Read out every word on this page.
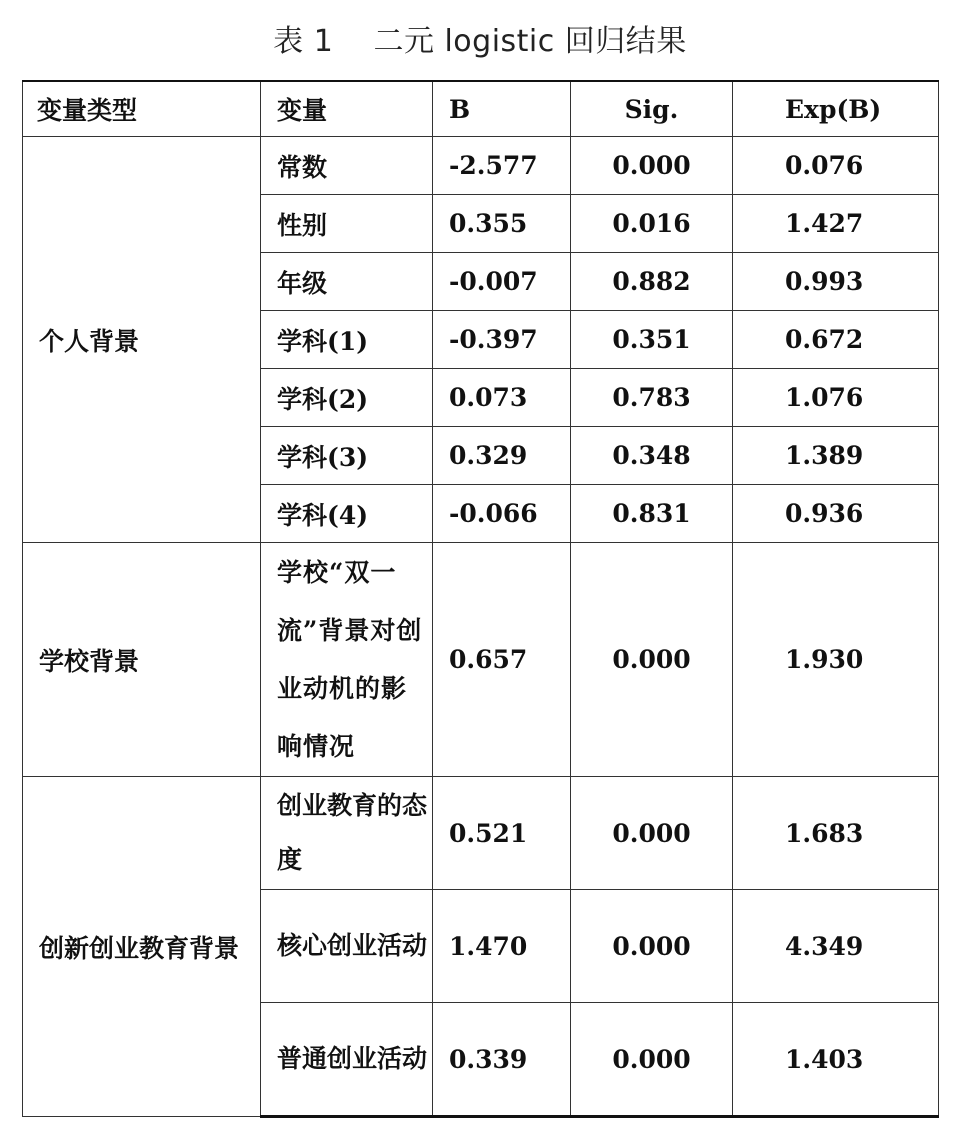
表 1    二元 logistic 回归结果
变量类型	变量	B	Sig.	Exp(B)
个人背景	常数	-2.577	0.000	0.076
	性别	0.355	0.016	1.427
	年级	-0.007	0.882	0.993
	学科(1)	-0.397	0.351	0.672
	学科(2)	0.073	0.783	1.076
	学科(3)	0.329	0.348	1.389
	学科(4)	-0.066	0.831	0.936
学校背景	学校“双一流”背景对创业动机的影响情况	0.657	0.000	1.930
创新创业教育背景	创业教育的态度	0.521	0.000	1.683
	核心创业活动	1.470	0.000	4.349
	普通创业活动	0.339	0.000	1.403
